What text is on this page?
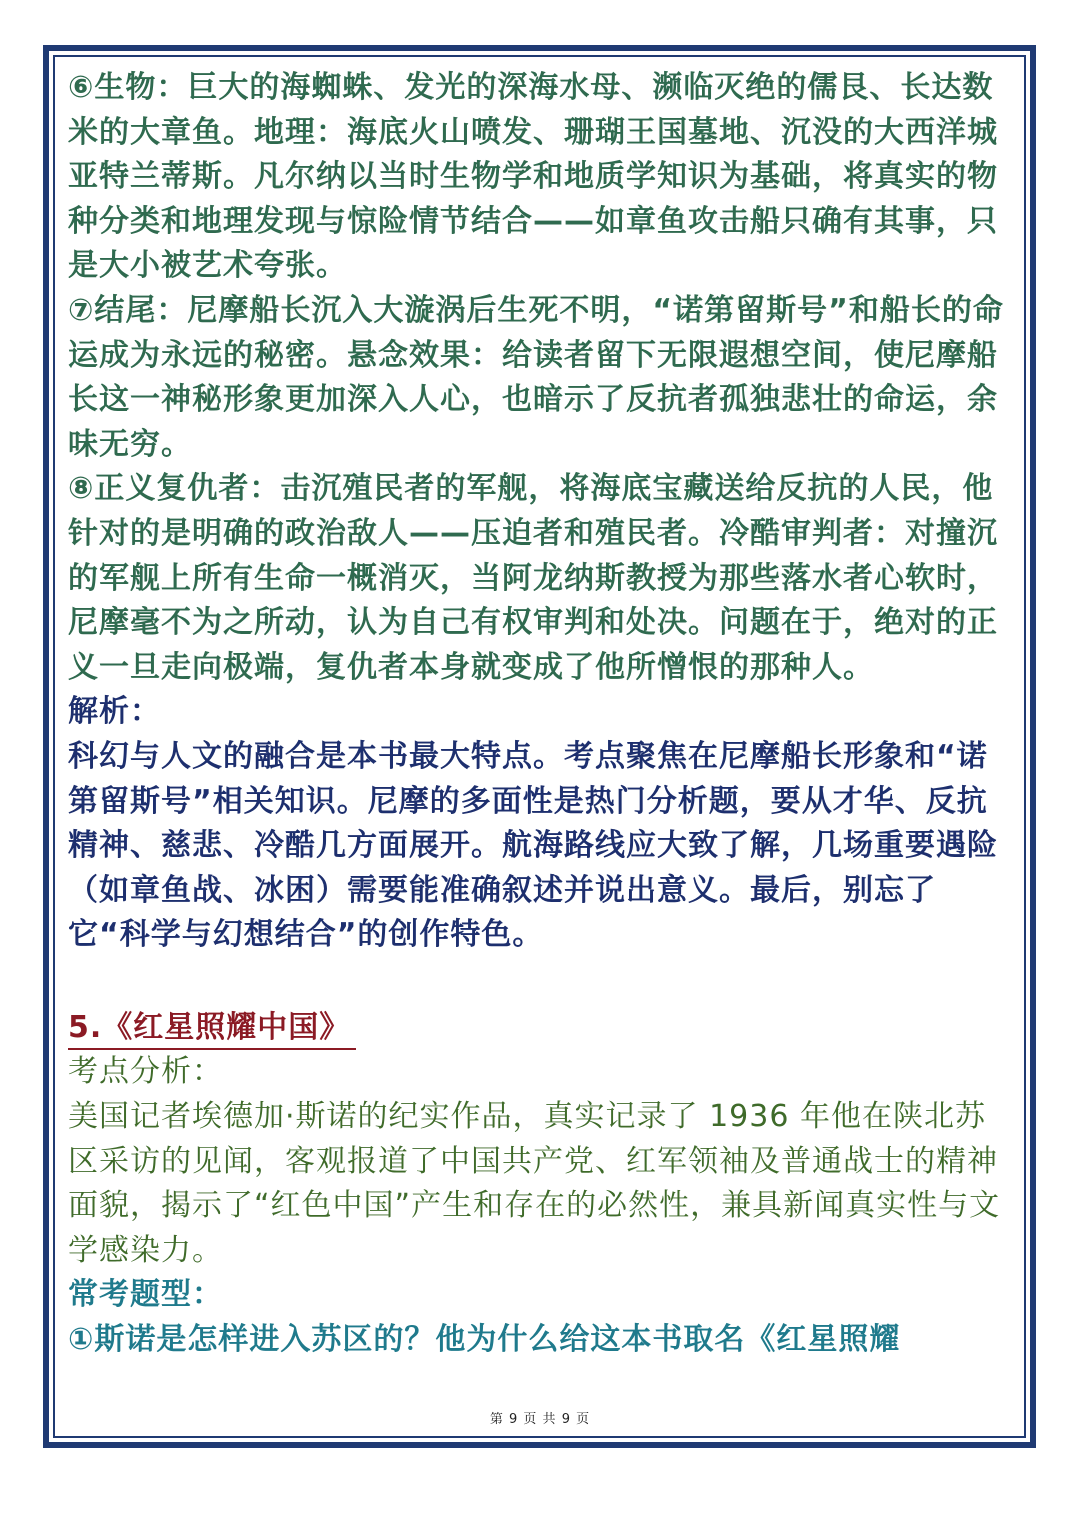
⑥生物：巨大的海蜘蛛、发光的深海水母、濒临灭绝的儒艮、长达数米的大章鱼。地理：海底火山喷发、珊瑚王国墓地、沉没的大西洋城亚特兰蒂斯。凡尔纳以当时生物学和地质学知识为基础，将真实的物种分类和地理发现与惊险情节结合——如章鱼攻击船只确有其事，只是大小被艺术夸张。

⑦结尾：尼摩船长沉入大漩涡后生死不明，“诺第留斯号”和船长的命运成为永远的秘密。悬念效果：给读者留下无限遐想空间，使尼摩船长这一神秘形象更加深入人心，也暗示了反抗者孤独悲壮的命运，余味无穷。

⑧正义复仇者：击沉殖民者的军舰，将海底宝藏送给反抗的人民，他针对的是明确的政治敌人——压迫者和殖民者。冷酷审判者：对撞沉的军舰上所有生命一概消灭，当阿龙纳斯教授为那些落水者心软时，尼摩毫不为之所动，认为自己有权审判和处决。问题在于，绝对的正义一旦走向极端，复仇者本身就变成了他所憎恨的那种人。

解析：

科幻与人文的融合是本书最大特点。考点聚焦在尼摩船长形象和“诺第留斯号”相关知识。尼摩的多面性是热门分析题，要从才华、反抗精神、慈悲、冷酷几方面展开。航海路线应大致了解，几场重要遇险（如章鱼战、冰困）需要能准确叙述并说出意义。最后，别忘了它“科学与幻想结合”的创作特色。

5.《红星照耀中国》

考点分析：

美国记者埃德加·斯诺的纪实作品，真实记录了 1936 年他在陕北苏区采访的见闻，客观报道了中国共产党、红军领袖及普通战士的精神面貌，揭示了“红色中国”产生和存在的必然性，兼具新闻真实性与文学感染力。

常考题型：

①斯诺是怎样进入苏区的？他为什么给这本书取名《红星照耀

第 9 页 共 9 页
